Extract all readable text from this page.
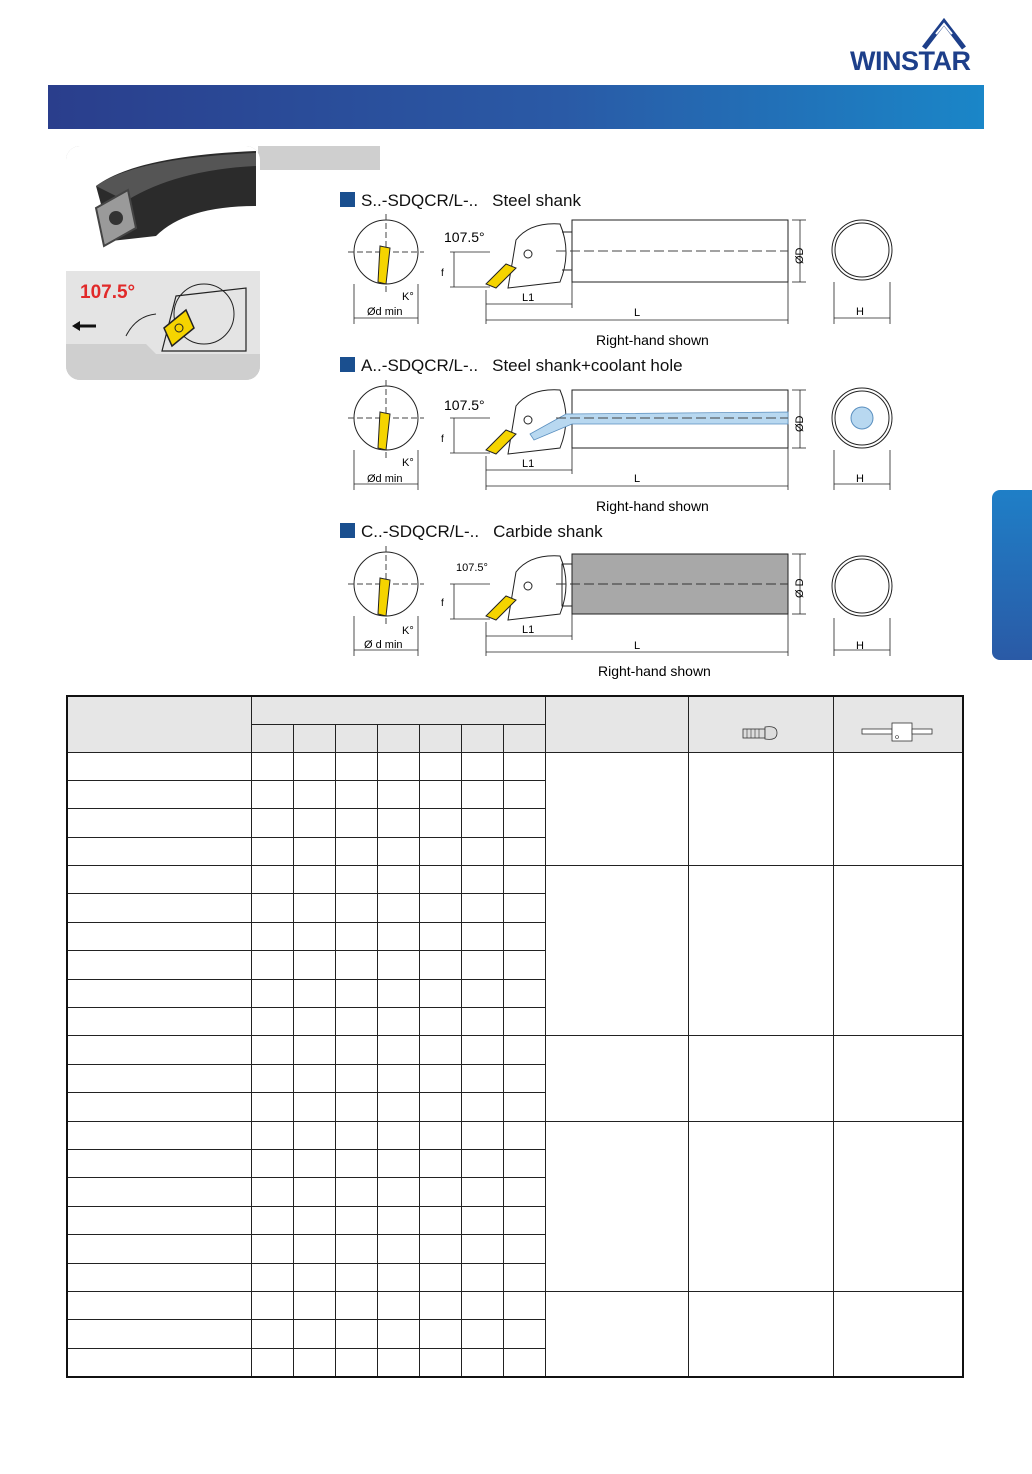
WINSTAR
107.5°
S..-SDQCR/L-.. Steel shank
A..-SDQCR/L-.. Steel shank+coolant hole
C..-SDQCR/L-.. Carbide shank
Ød min
K°
107.5°
f
L1
L
ØD
H
Right-hand shown
Ød min
K°
107.5°
f
L1
L
ØD
H
Right-hand shown
Ø d min
K°
107.5°
f
L1
L
Ø D
H
Right-hand shown
